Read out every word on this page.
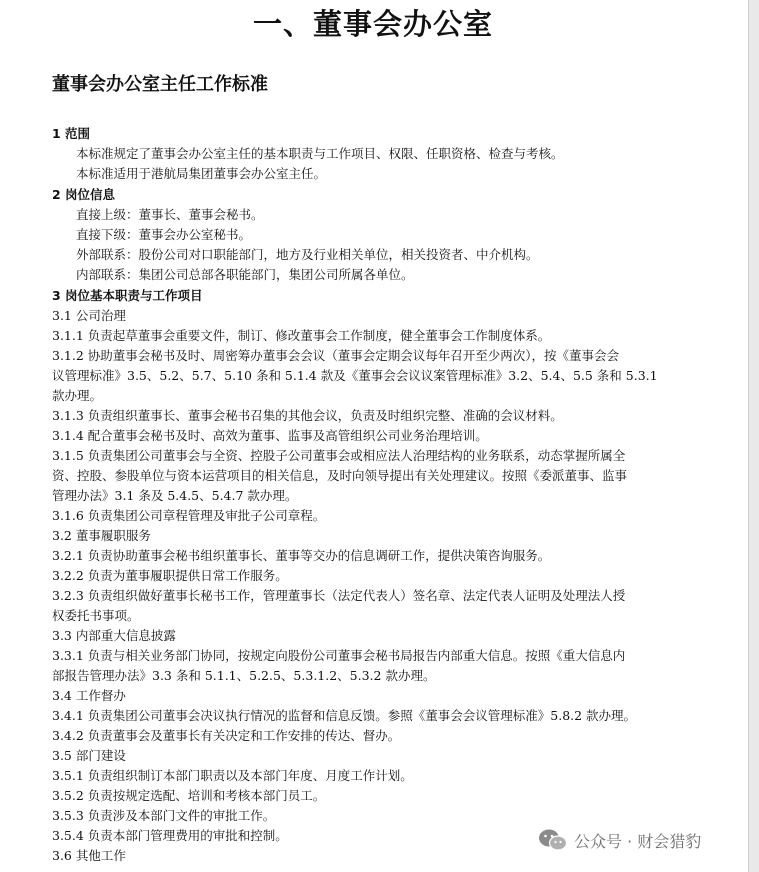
一、董事会办公室
董事会办公室主任工作标准
1 范围
本标准规定了董事会办公室主任的基本职责与工作项目、权限、任职资格、检查与考核。
本标准适用于港航局集团董事会办公室主任。
2 岗位信息
直接上级：董事长、董事会秘书。
直接下级：董事会办公室秘书。
外部联系：股份公司对口职能部门，地方及行业相关单位，相关投资者、中介机构。
内部联系：集团公司总部各职能部门，集团公司所属各单位。
3 岗位基本职责与工作项目
3.1 公司治理
3.1.1 负责起草董事会重要文件，制订、修改董事会工作制度，健全董事会工作制度体系。
3.1.2 协助董事会秘书及时、周密筹办董事会会议（董事会定期会议每年召开至少两次），按《董事会会
议管理标准》3.5、5.2、5.7、5.10 条和 5.1.4 款及《董事会会议议案管理标准》3.2、5.4、5.5 条和 5.3.1
款办理。
3.1.3 负责组织董事长、董事会秘书召集的其他会议，负责及时组织完整、准确的会议材料。
3.1.4 配合董事会秘书及时、高效为董事、监事及高管组织公司业务治理培训。
3.1.5 负责集团公司董事会与全资、控股子公司董事会或相应法人治理结构的业务联系，动态掌握所属全
资、控股、参股单位与资本运营项目的相关信息，及时向领导提出有关处理建议。按照《委派董事、监事
管理办法》3.1 条及 5.4.5、5.4.7 款办理。
3.1.6 负责集团公司章程管理及审批子公司章程。
3.2 董事履职服务
3.2.1 负责协助董事会秘书组织董事长、董事等交办的信息调研工作，提供决策咨询服务。
3.2.2 负责为董事履职提供日常工作服务。
3.2.3 负责组织做好董事长秘书工作，管理董事长（法定代表人）签名章、法定代表人证明及处理法人授
权委托书事项。
3.3 内部重大信息披露
3.3.1 负责与相关业务部门协同，按规定向股份公司董事会秘书局报告内部重大信息。按照《重大信息内
部报告管理办法》3.3 条和 5.1.1、5.2.5、5.3.1.2、5.3.2 款办理。
3.4 工作督办
3.4.1 负责集团公司董事会决议执行情况的监督和信息反馈。参照《董事会会议管理标准》5.8.2 款办理。
3.4.2 负责董事会及董事长有关决定和工作安排的传达、督办。
3.5 部门建设
3.5.1 负责组织制订本部门职责以及本部门年度、月度工作计划。
3.5.2 负责按规定选配、培训和考核本部门员工。
3.5.3 负责涉及本部门文件的审批工作。
3.5.4 负责本部门管理费用的审批和控制。
3.6 其他工作
公众号 · 财会猎豹
